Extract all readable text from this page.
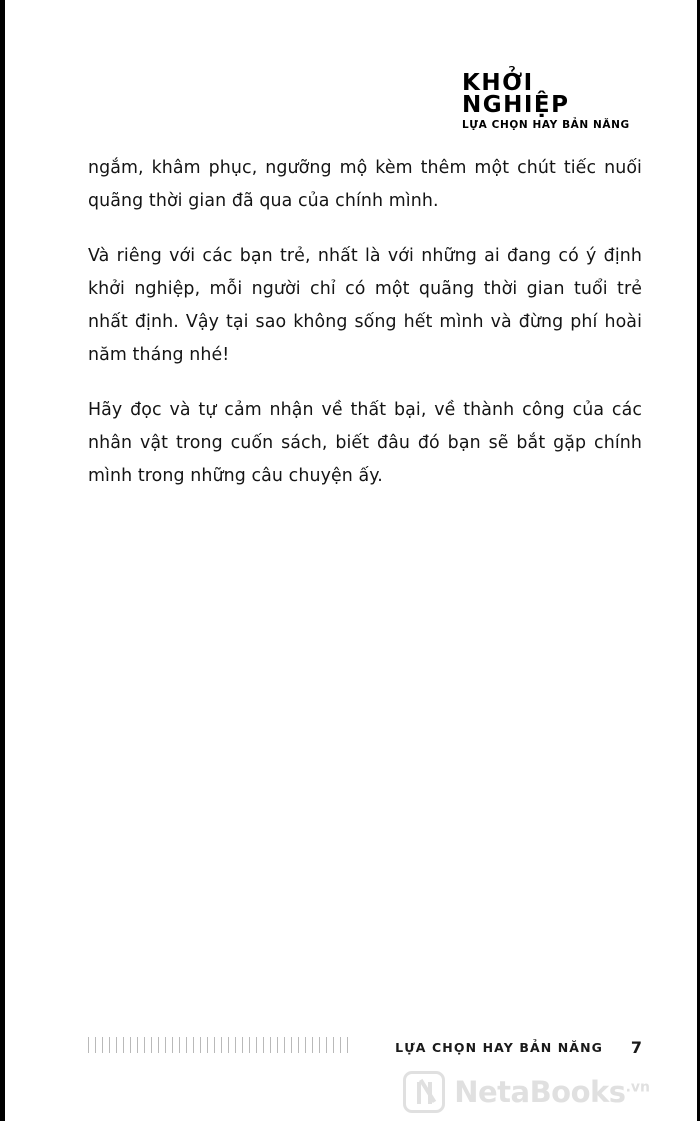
KHỞI
NGHIỆP
LỰA CHỌN HAY BẢN NĂNG

ngắm, khâm phục, ngưỡng mộ kèm thêm một chút tiếc nuối quãng thời gian đã qua của chính mình.

Và riêng với các bạn trẻ, nhất là với những ai đang có ý định khởi nghiệp, mỗi người chỉ có một quãng thời gian tuổi trẻ nhất định. Vậy tại sao không sống hết mình và đừng phí hoài năm tháng nhé!

Hãy đọc và tự cảm nhận về thất bại, về thành công của các nhân vật trong cuốn sách, biết đâu đó bạn sẽ bắt gặp chính mình trong những câu chuyện ấy.

LỰA CHỌN HAY BẢN NĂNG 7
NetaBooks$^{.vn}$
